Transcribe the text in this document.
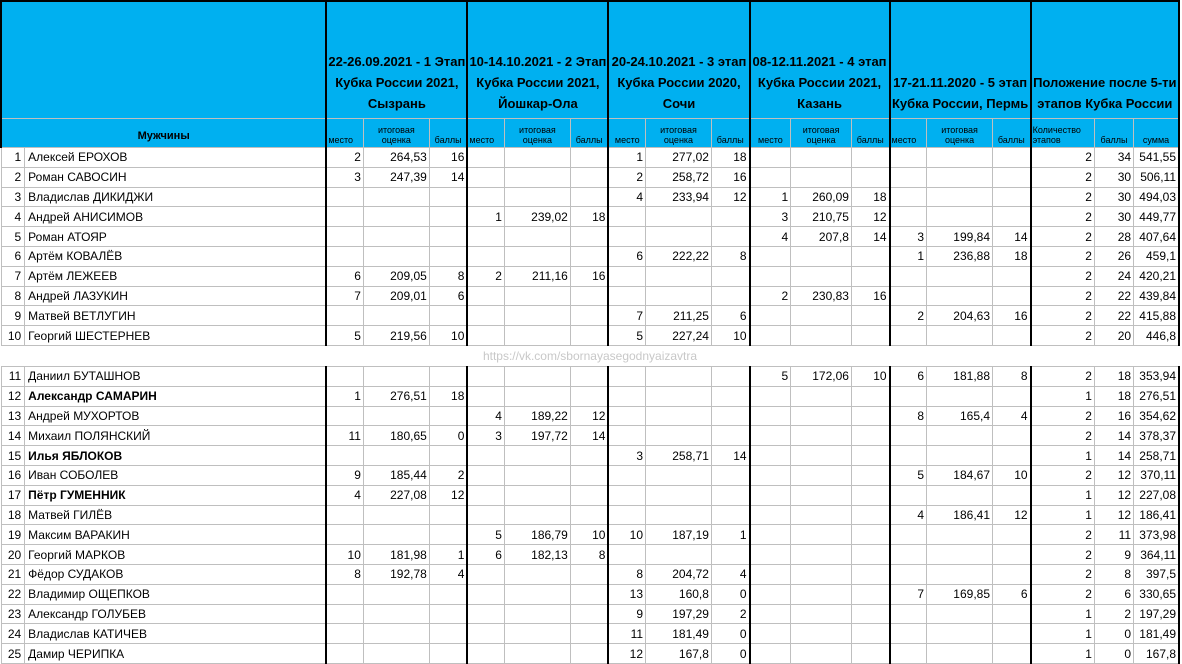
		22-26.09.2021 - 1 Этап Кубка России 2021, Сызрань			10-14.10.2021 - 2 Этап Кубка России 2021, Йошкар-Ола			20-24.10.2021 - 3 этап Кубка России 2020, Сочи			08-12.11.2021 - 4 этап Кубка России 2021, Казань			17-21.11.2020 - 5 этап Кубка России, Пермь			Положение после 5-ти этапов Кубка России		
Мужчины		место	итоговая оценка	баллы	место	итоговая оценка	баллы	место	итоговая оценка	баллы	место	итоговая оценка	баллы	место	итоговая оценка	баллы	Количество этапов	баллы	сумма
1	Алексей ЕРОХОВ	2	264,53	16				1	277,02	18							2	34	541,55
2	Роман САВОСИН	3	247,39	14				2	258,72	16							2	30	506,11
3	Владислав ДИКИДЖИ							4	233,94	12	1	260,09	18				2	30	494,03
4	Андрей АНИСИМОВ				1	239,02	18				3	210,75	12				2	30	449,77
5	Роман АТОЯР										4	207,8	14	3	199,84	14	2	28	407,64
6	Артём КОВАЛЁВ							6	222,22	8				1	236,88	18	2	26	459,1
7	Артём ЛЕЖЕЕВ	6	209,05	8	2	211,16	16										2	24	420,21
8	Андрей ЛАЗУКИН	7	209,01	6							2	230,83	16				2	22	439,84
9	Матвей ВЕТЛУГИН							7	211,25	6				2	204,63	16	2	22	415,88
10	Георгий ШЕСТЕРНЕВ	5	219,56	10				5	227,24	10							2	20	446,8
https://vk.com/sbornayasegodnyaizavtra																			
11	Даниил БУТАШНОВ										5	172,06	10	6	181,88	8	2	18	353,94
12	Александр САМАРИН	1	276,51	18													1	18	276,51
13	Андрей МУХОРТОВ				4	189,22	12							8	165,4	4	2	16	354,62
14	Михаил ПОЛЯНСКИЙ	11	180,65	0	3	197,72	14										2	14	378,37
15	Илья ЯБЛОКОВ							3	258,71	14							1	14	258,71
16	Иван СОБОЛЕВ	9	185,44	2										5	184,67	10	2	12	370,11
17	Пётр ГУМЕННИК	4	227,08	12													1	12	227,08
18	Матвей ГИЛЁВ													4	186,41	12	1	12	186,41
19	Максим ВАРАКИН				5	186,79	10	10	187,19	1							2	11	373,98
20	Георгий МАРКОВ	10	181,98	1	6	182,13	8										2	9	364,11
21	Фёдор СУДАКОВ	8	192,78	4				8	204,72	4							2	8	397,5
22	Владимир ОЩЕПКОВ							13	160,8	0				7	169,85	6	2	6	330,65
23	Александр ГОЛУБЕВ							9	197,29	2							1	2	197,29
24	Владислав КАТИЧЕВ							11	181,49	0							1	0	181,49
25	Дамир ЧЕРИПКА							12	167,8	0							1	0	167,8
